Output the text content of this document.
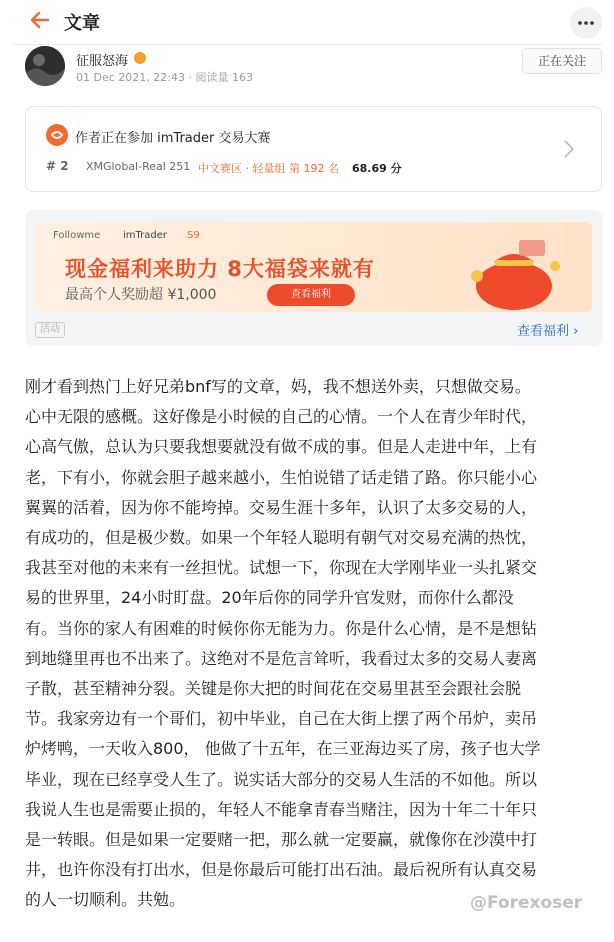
文章
征服怒海
01 Dec 2021, 22:43 · 阅读量 163
正在关注
作者正在参加 imTrader 交易大赛
# 2 XMGlobal-Real 251 中文赛区 · 轻量组 第 192 名 68.69 分
Followme imTrader S9
现金福利来助力 8大福袋来就有
最高个人奖励超 ¥1,000	查看福利
活动	查看福利 ›

刚才看到热门上好兄弟bnf写的文章，妈，我不想送外卖，只想做交易。

心中无限的感概。这好像是小时候的自己的心情。一个人在青少年时代，

心高气傲，总认为只要我想要就没有做不成的事。但是人走进中年，上有

老，下有小，你就会胆子越来越小，生怕说错了话走错了路。你只能小心

翼翼的活着，因为你不能垮掉。交易生涯十多年，认识了太多交易的人，

有成功的，但是极少数。如果一个年轻人聪明有朝气对交易充满的热忱，

我甚至对他的未来有一丝担忧。试想一下，你现在大学刚毕业一头扎紧交

易的世界里，24小时盯盘。20年后你的同学升官发财，而你什么都没

有。当你的家人有困难的时候你你无能为力。你是什么心情，是不是想钻

到地缝里再也不出来了。这绝对不是危言耸听，我看过太多的交易人妻离

子散，甚至精神分裂。关键是你大把的时间花在交易里甚至会跟社会脱

节。我家旁边有一个哥们，初中毕业，自己在大街上摆了两个吊炉，卖吊

炉烤鸭，一天收入800， 他做了十五年，在三亚海边买了房，孩子也大学

毕业，现在已经享受人生了。说实话大部分的交易人生活的不如他。所以

我说人生也是需要止损的，年轻人不能拿青春当赌注，因为十年二十年只

是一转眼。但是如果一定要赌一把，那么就一定要赢，就像你在沙漠中打

井，也许你没有打出水，但是你最后可能打出石油。最后祝所有认真交易

的人一切顺利。共勉。	@Forexoser
